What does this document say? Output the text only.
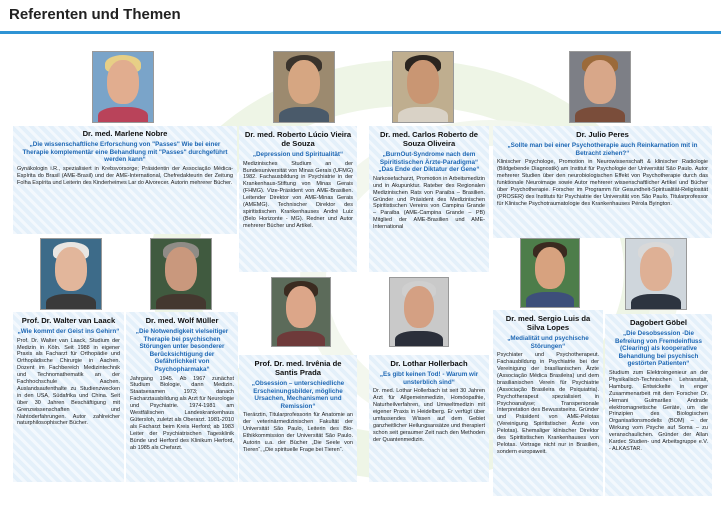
Referenten und Themen
Dr. med. Marlene Nobre
„Die wissenschaftliche Erforschung von "Passes" Wie bei einer Therapie komplementär eine Behandlung mit "Passes" durchgeführt werden kann“
Gynäkologin i.R., spezialisiert in Krebsvorsorge; Präsidentin der Associação Médica-Espírita do Brasil (AME-Brasil) und der AME-International, Chefredakteurin der Zeitung Folha Espírita und Leiterin des Kinderheimes Lar do Alvorecer. Autorin mehrerer Bücher.
Dr. med. Roberto Lúcio Vieira de Souza
„Depression und Spiritualität“
Medizinisches Studium an der Bundesuniversität von Minas Gerais (UFMG) 1982. Fachausbildung in Psychiatrie in der Krankenhaus-Stiftung von Minas Gerais (FHMG). Vize-Präsident von AME-Brasilien. Leitender Direktor von AME-Minas Gerais (AMEMG). Technischer Direktor des spiritistischen Krankenhauses André Luiz (Belo Horizonte - MG). Redner und Autor mehrerer Bücher und Artikel.
Dr. med. Carlos Roberto de Souza Oliveira
„BurnOut-Syndrome nach dem Spiritistischen Ärzte-Paradigma“ „Das Ende der Diktatur der Gene“
Narkosefacharzt, Promotion in Arbeitsmedizin und in Akupunktur. Rateber des Regionalen Medizinischen Rats von Paraiba – Brasilien. Gründer und Präsident des Medizinischen Spiritistischen Vereins von Campina Grande – Paraiba (AME-Campina Grande – PB) Mitglied der AME-Brasilien und AME-International
Dr. Julio Peres
„Sollte man bei einer Psychotherapie auch Reinkarnation mit in Betracht ziehen?“
Klinischer Psychologe, Promotion in Neurowissenschaft & klinischer Radiologie (Bildgebende Diagnostik) am Institut für Psychologie der Universität São Paulo. Autor mehrerer Studien über den neurobiologischen Effekt von Psychotherapie durch das funktionale Neuroimage sowie Autor mehrerer wissenschaftlicher Artikel und Bücher über Psychotherapie. Forscher im Programm für Gesundheit-Spiritualität-Religiosität (PROSER) des Instituts für Psychiatrie der Universität von São Paulo. Titularprofessor für Klinische Psychotraumatologie des Krankenhauses Pérola Byington.
Prof. Dr. Walter van Laack
„Wie kommt der Geist ins Gehirn“
Prof. Dr. Walter van Laack, Studium der Medizin in Köln. Seit 1988 in eigener Praxis als Facharzt für Orthopädie und Orthopädische Chirurgie in Aachen. Dozent im Fachbereich Medizintechnik und Technomathematik an der Fachhochschule Aachen. Auslandsaufenthalte zu Studienzwecken in den USA, Südafrika und China. Seit über 30 Jahren Beschäftigung mit Grenzwissenschaften und Nahtoderfahrungen. Autor zahlreicher naturphilosophischer Bücher.
Dr. med. Wolf Müller
„Die Notwendigkeit vielseitiger Therapie bei psychischen Störungen unter besonderer Berücksichtigung der Gefährlichkeit von Psychopharmaka“
Jahrgang 1945. Ab 1967 zunächst Studium Biologie, dann Medizin. Staatsexamen 1973; danach Facharztausbildung als Arzt für Neurologie und Psychiatrie. 1974-1981 am Westfälischen Landeskrankenhaus Gütersloh, zuletzt als Oberarzt. 1981-2010 als Facharzt beim Kreis Herford; ab 1983 Leiter der Psychiatrischen Tagesklinik Bünde und Herford des Klinikum Herford, ab 1985 als Chefarzt.
Prof. Dr. med. Irvênia de Santis Prada
„Obsession – unterschiedliche Erscheinungsbilder, mögliche Ursachen, Mechanismen und Remission“
Tierärztin, Titularprofessorin für Anatomie an der veterinärmedizinischen Fakultät der Universität São Paulo, Leiterin des Bio-Ethikkommission der Universität São Paulo. Autorin u.a. der Bücher „Die Seele von Tieren“, „Die spirituelle Frage bei Tieren“.
Dr. Lothar Hollerbach
„Es gibt keinen Tod! - Warum wir unsterblich sind“
Dr. med. Lothar Hollerbach ist seit 30 Jahren Arzt für Allgemeinmedizin, Homöopathie, Naturheilverfahren, und Umweltmedizin mit eigener Praxis in Heidelberg. Er verfügt über umfassendes Wissen auf dem Gebiet ganzheitlicher Heilungsansätze und therapiert schon seit geraumer Zeit nach den Methoden der Quantenmedizin.
Dr. med. Sergio Luis da Silva Lopes
„Medialität und psychische Störungen“
Psychiater und Psychotherapeut. Fachausbildung in Psychiatrie bei der Vereinigung der brasilianischen Ärzte (Associação Médica Brasileira) und dem brasilianischen Verein für Psychiatrie (Associação Brasileira de Psiquiatria). Psychotherapeut spezialisiert in Psychoanalyse; Transpersonale Interpretation des Bewusstseins. Gründer und Präsident von AME-Pelotas (Vereinigung Spiritistischer Ärzte von Pelotas). Ehemaliger klinischer Direktor des Spiritistischen Krankenhauses von Pelotas. Vortrage nicht nur in Brasilien, sondern europaweit.
Dagobert Göbel
„Die Desobsession -Die Befreiung von Fremdeinfluss (Clearing) als kooperative Behandlung bei psychisch gestörten Patienten“
Studium zum Elektroingenieur an der Physikalisch-Technischen Lehranstalt, Hamburg. Entwickelte in enger Zusammenarbeit mit dem Forscher Dr. Hernani Guimarães Andrade elektromagnetische Geräte, um die Prinzipien des Biologischen Organisationsmodells (BOM) – der Wirkung vom Psyche auf Soma – zu veranschaulichen. Gründer der Allan Kardec Studien- und Arbeitsgruppe e.V. - ALKASTAR.
